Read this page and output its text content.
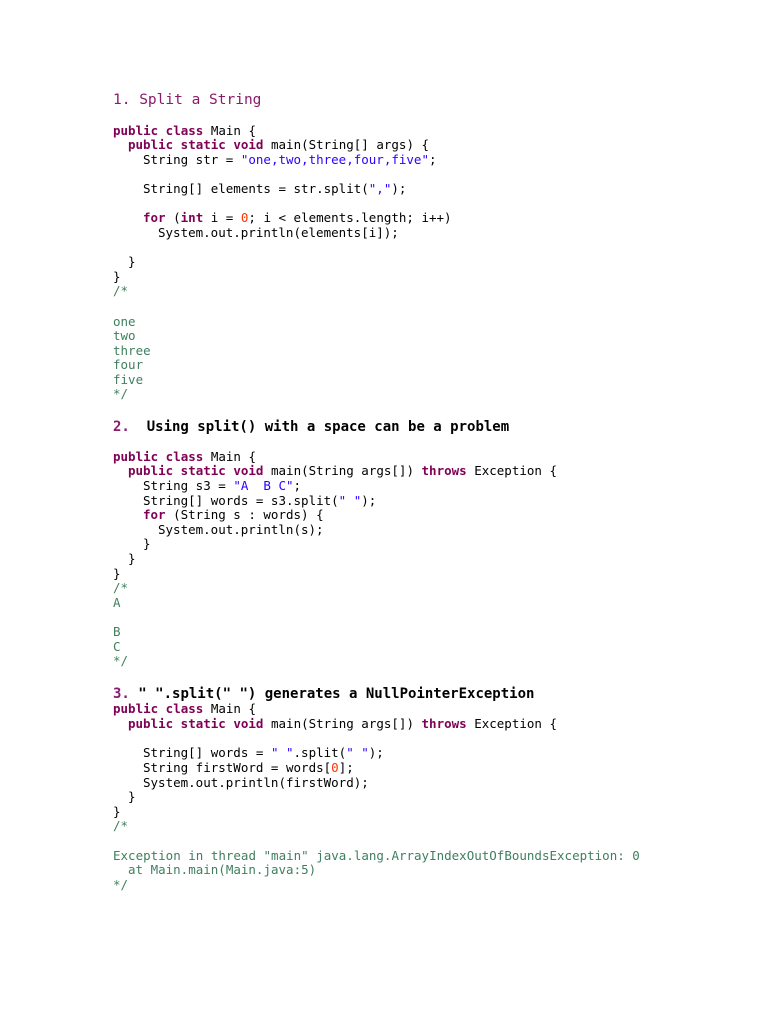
1. Split a String
public class Main {
public static void main(String[] args) {
String str = "one,two,three,four,five";
String[] elements = str.split(",");
for (int i = 0; i < elements.length; i++)
System.out.println(elements[i]);
}
}
/*
one
two
three
four
five
*/
2. Using split() with a space can be a problem
public class Main {
public static void main(String args[]) throws Exception {
String s3 = "A  B C";
String[] words = s3.split(" ");
for (String s : words) {
System.out.println(s);
}
}
}
/*
A
B
C
*/
3. " ".split(" ") generates a NullPointerException
public class Main {
public static void main(String args[]) throws Exception {
String[] words = " ".split(" ");
String firstWord = words[0];
System.out.println(firstWord);
}
}
/*
Exception in thread "main" java.lang.ArrayIndexOutOfBoundsException: 0
at Main.main(Main.java:5)
*/
